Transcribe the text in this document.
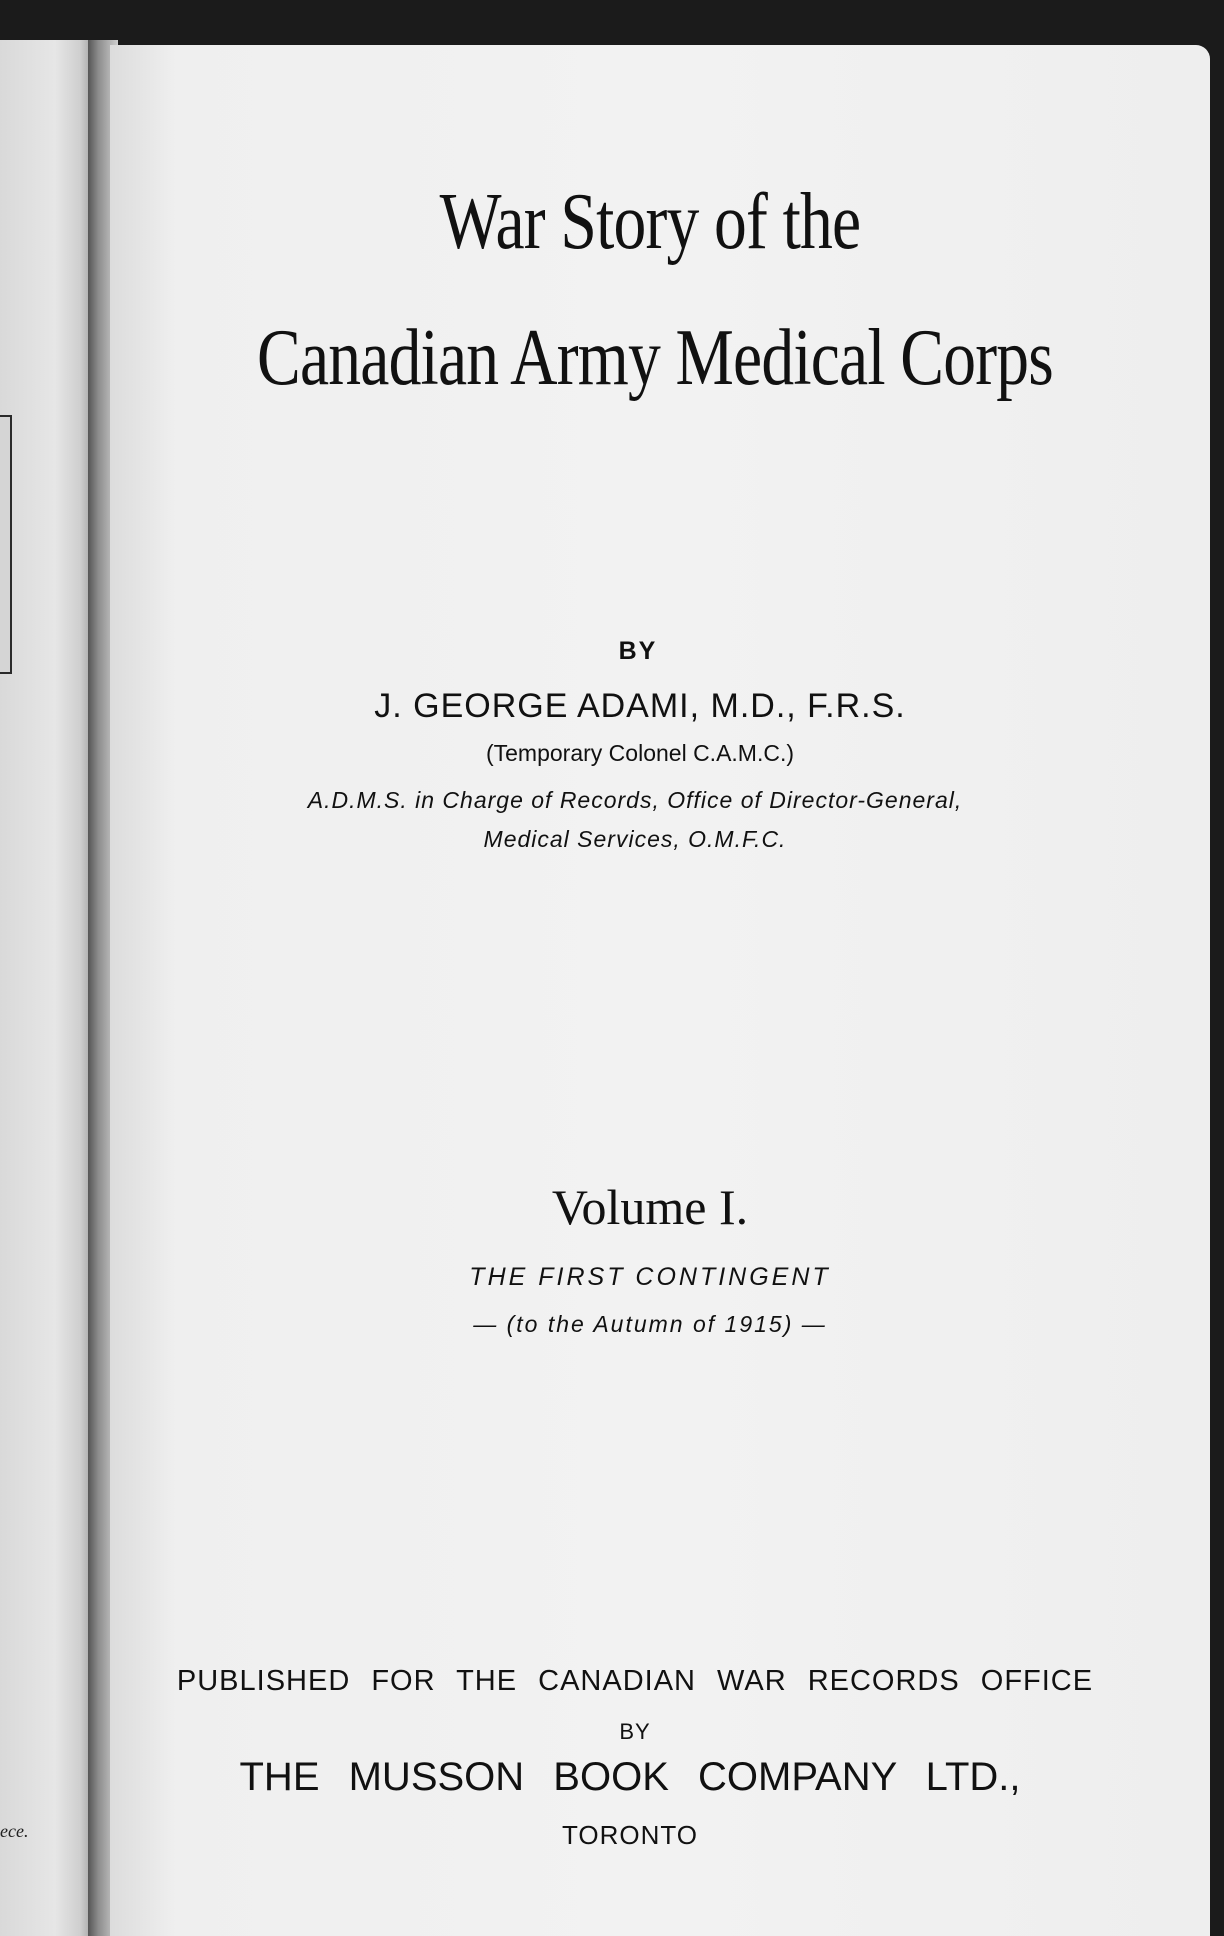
ece.
War Story of the
Canadian Army Medical Corps
BY
J. GEORGE ADAMI, M.D., F.R.S.
(Temporary Colonel C.A.M.C.)
A.D.M.S. in Charge of Records, Office of Director-General,
Medical Services, O.M.F.C.
Volume I.
THE FIRST CONTINGENT
— (to the Autumn of 1915) —
PUBLISHED FOR THE CANADIAN WAR RECORDS OFFICE
BY
THE MUSSON BOOK COMPANY LTD.,
TORONTO
